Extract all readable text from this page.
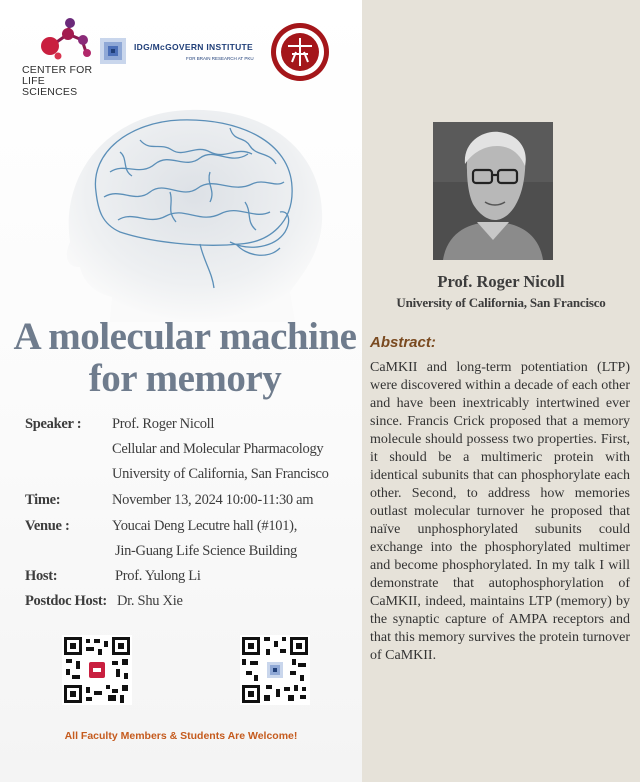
CENTER FOR
LIFE SCIENCES
IDG/McGOVERN INSTITUTE
FOR BRAIN RESEARCH AT PKU
A molecular machine
for memory
Speaker : Prof. Roger Nicoll
Cellular and Molecular Pharmacology
University of California, San Francisco
Time:	November 13, 2024 10:00-11:30 am
Venue :	Youcai Deng Lecutre hall (#101),
Jin-Guang Life Science Building
Host:	Prof. Yulong Li
Postdoc Host: Dr. Shu Xie
All Faculty Members & Students Are Welcome!
Prof. Roger Nicoll
University of California, San Francisco
Abstract:
CaMKII and long-term potentiation (LTP) were discovered within a decade of each other and have been inextricably intertwined ever since. Francis Crick proposed that a memory molecule should possess two properties. First, it should be a multimeric protein with identical subunits that can phosphorylate each other. Second, to address how memories outlast molecular turnover he proposed that naïve unphosphorylated subunits could exchange into the phosphorylated multimer and become phosphorylated. In my talk I will demonstrate that autophosphorylation of CaMKII, indeed, maintains LTP (memory) by the synaptic capture of AMPA receptors and that this memory survives the protein turnover of CaMKII.
